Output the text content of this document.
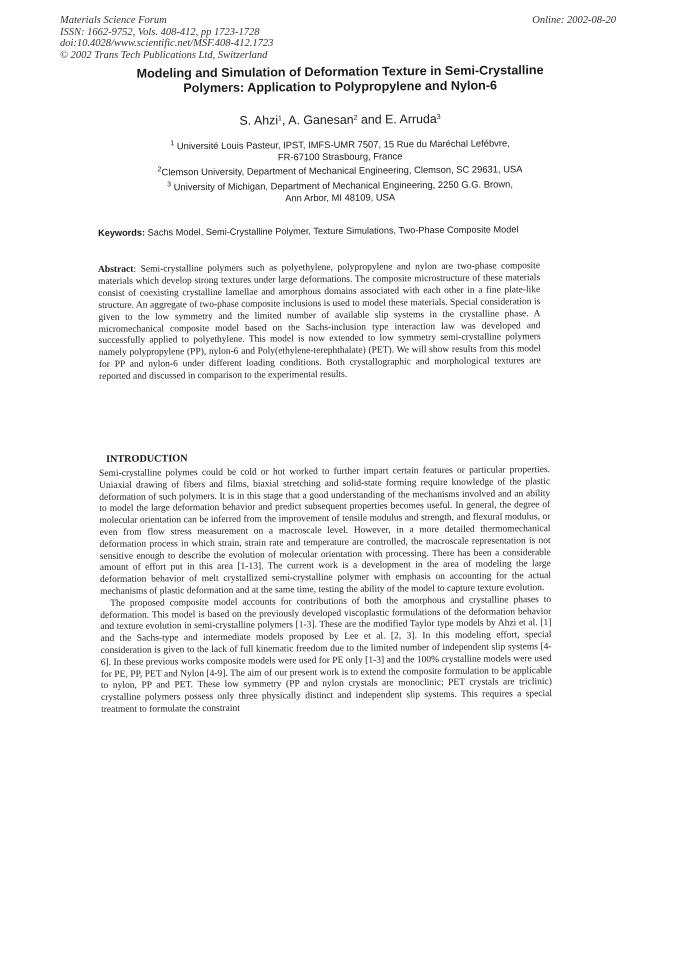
Materials Science Forum
ISSN: 1662-9752, Vols. 408-412, pp 1723-1728
doi:10.4028/www.scientific.net/MSF.408-412.1723
© 2002 Trans Tech Publications Ltd, Switzerland
Online: 2002-08-20
Modeling and Simulation of Deformation Texture in Semi-Crystalline
Polymers: Application to Polypropylene and Nylon-6
S. Ahzi$^1$, A. Ganesan$^2$ and E. Arruda$^3$
$^1$ Université Louis Pasteur, IPST, IMFS-UMR 7507, 15 Rue du Maréchal Lefébvre,
FR-67100 Strasbourg, France
$^2$Clemson University, Department of Mechanical Engineering, Clemson, SC 29631, USA
$^3$ University of Michigan, Department of Mechanical Engineering, 2250 G.G. Brown,
Ann Arbor, MI 48109, USA
Keywords: Sachs Model, Semi-Crystalline Polymer, Texture Simulations, Two-Phase Composite Model
Abstract: Semi-crystalline polymers such as polyethylene, polypropylene and nylon are two-phase composite materials which develop strong textures under large deformations. The composite microstructure of these materials consist of coexisting crystalline lamellae and amorphous domains associated with each other in a fine plate-like structure. An aggregate of two-phase composite inclusions is used to model these materials. Special consideration is given to the low symmetry and the limited number of available slip systems in the crystalline phase. A micromechanical composite model based on the Sachs-inclusion type interaction law was developed and successfully applied to polyethylene. This model is now extended to low symmetry semi-crystalline polymers namely polypropylene (PP), nylon-6 and Poly(ethylene-terephthalate) (PET). We will show results from this model for PP and nylon-6 under different loading conditions. Both crystallographic and morphological textures are reported and discussed in comparison to the experimental results.
INTRODUCTION

Semi-crystalline polymes could be cold or hot worked to further impart certain features or particular properties. Uniaxial drawing of fibers and films, biaxial stretching and solid-state forming require knowledge of the plastic deformation of such polymers. It is in this stage that a good understanding of the mechanisms involved and an ability to model the large deformation behavior and predict subsequent properties becomes useful. In general, the degree of molecular orientation can be inferred from the improvement of tensile modulus and strength, and flexural modulus, or even from flow stress measurement on a macroscale level. However, in a more detailed thermomechanical deformation process in which strain, strain rate and temperature are controlled, the macroscale representation is not sensitive enough to describe the evolution of molecular orientation with processing. There has been a considerable amount of effort put in this area [1-13]. The current work is a development in the area of modeling the large deformation behavior of melt crystallized semi-crystalline polymer with emphasis on accounting for the actual mechanisms of plastic deformation and at the same time, testing the ability of the model to capture texture evolution.

The proposed composite model accounts for contributions of both the amorphous and crystalline phases to deformation. This model is based on the previously developed viscoplastic formulations of the deformation behavior and texture evolution in semi-crystalline polymers [1-3]. These are the modified Taylor type models by Ahzi et al. [1] and the Sachs-type and intermediate models proposed by Lee et al. [2, 3]. In this modeling effort, special consideration is given to the lack of full kinematic freedom due to the limited number of independent slip systems [4-6]. In these previous works composite models were used for PE only [1-3] and the 100% crystalline models were used for PE, PP, PET and Nylon [4-9]. The aim of our present work is to extend the composite formulation to be applicable to nylon, PP and PET. These low symmetry (PP and nylon crystals are monoclinic; PET crystals are triclinic) crystalline polymers possess only three physically distinct and independent slip systems. This requires a special treatment to formulate the constraint
